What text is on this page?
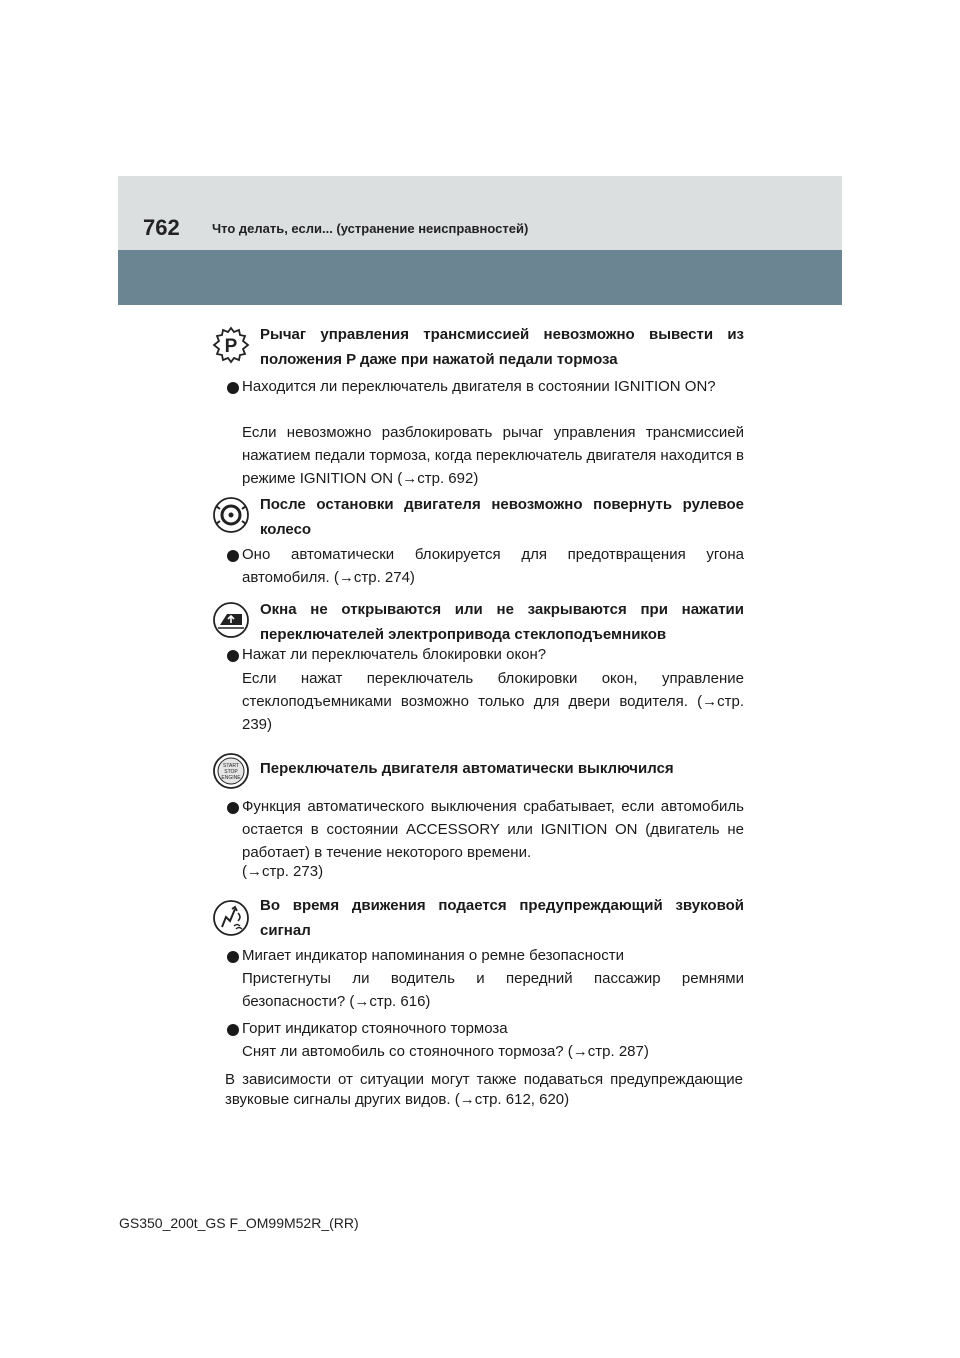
762 Что делать, если... (устранение неисправностей)
P
Рычаг управления трансмиссией невозможно вывести из положения P даже при нажатой педали тормоза
Находится ли переключатель двигателя в состоянии IGNITION ON?
Если невозможно разблокировать рычаг управления трансмиссией нажатием педали тормоза, когда переключатель двигателя находится в режиме IGNITION ON (→стр. 692)
После остановки двигателя невозможно повернуть рулевое колесо
Оно автоматически блокируется для предотвращения угона автомобиля. (→стр. 274)
Окна не открываются или не закрываются при нажатии переключателей электропривода стеклоподъемников
Нажат ли переключатель блокировки окон?
Если нажат переключатель блокировки окон, управление стеклоподъемниками возможно только для двери водителя. (→стр. 239)
START
STOP
ENGINE
Переключатель двигателя автоматически выключился
Функция автоматического выключения срабатывает, если автомобиль остается в состоянии ACCESSORY или IGNITION ON (двигатель не работает) в течение некоторого времени.
(→стр. 273)
Во время движения подается предупреждающий звуковой сигнал
Мигает индикатор напоминания о ремне безопасности
Пристегнуты ли водитель и передний пассажир ремнями безопасности? (→стр. 616)
Горит индикатор стояночного тормоза
Снят ли автомобиль со стояночного тормоза? (→стр. 287)
В зависимости от ситуации могут также подаваться предупреждающие звуковые сигналы других видов. (→стр. 612, 620)
GS350_200t_GS F_OM99M52R_(RR)
